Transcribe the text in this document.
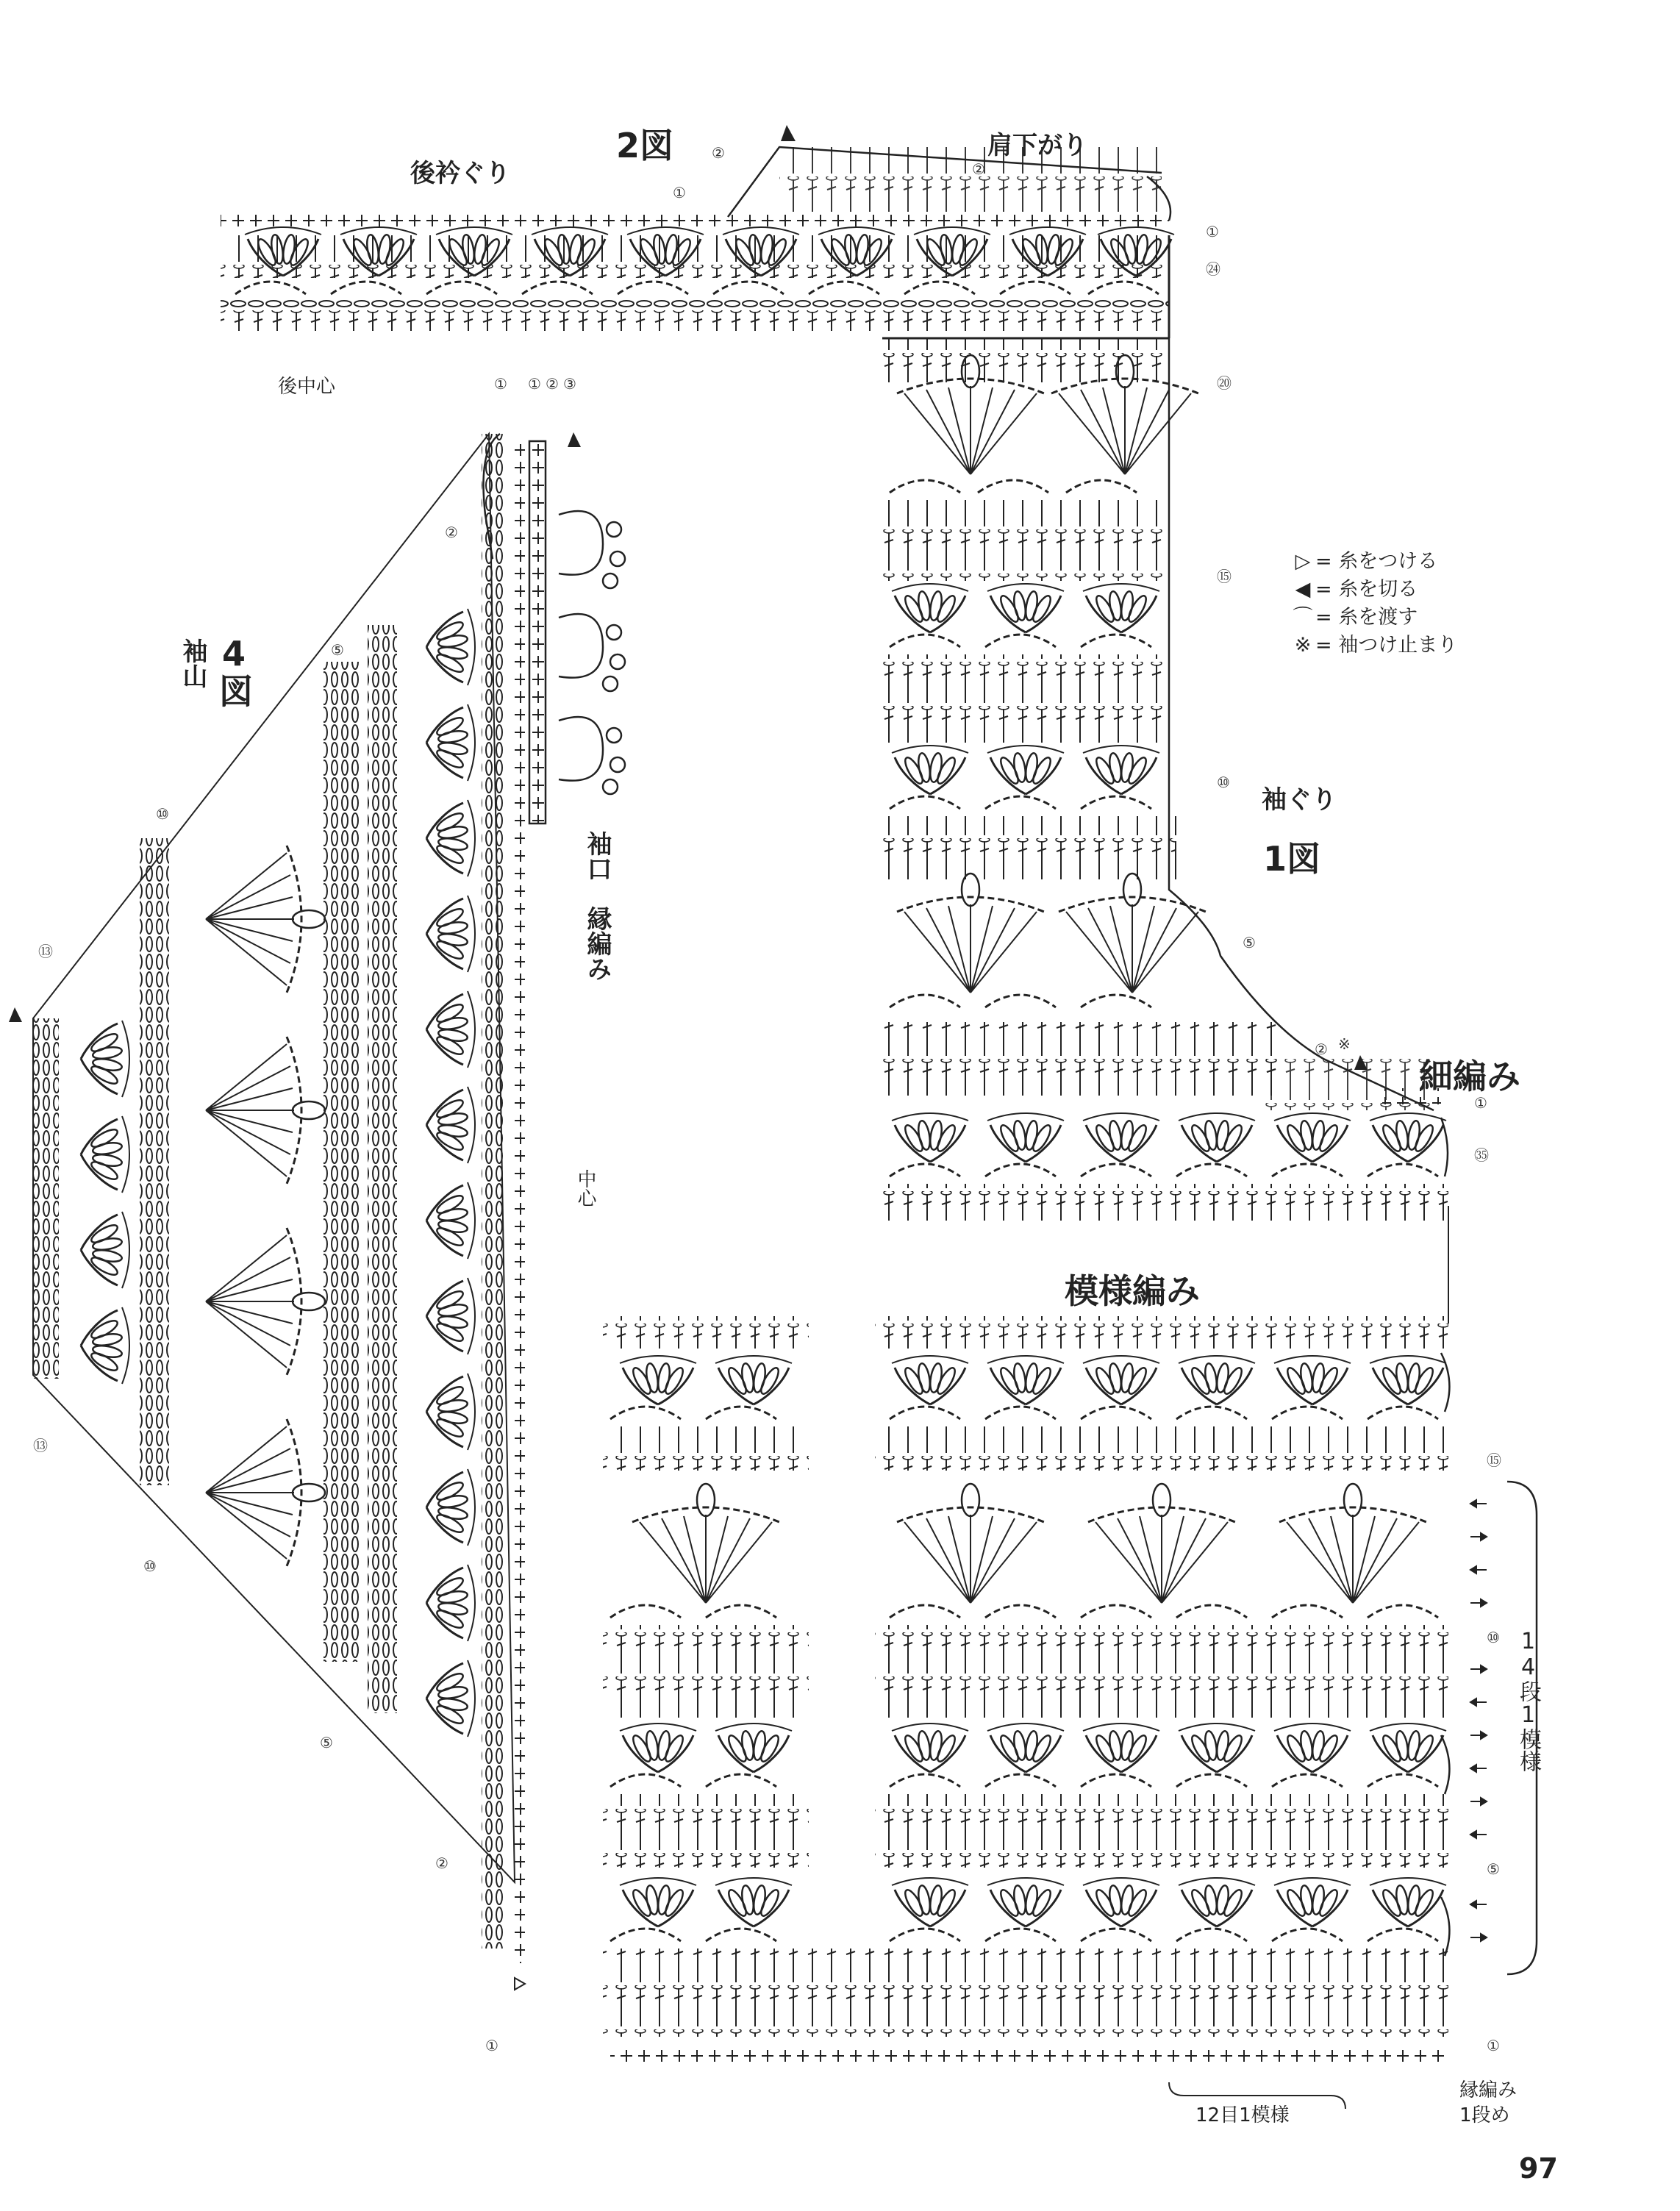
2図
後衿ぐり
肩下がり
後中心
袖山 4図
袖口　縁編み
中心
袖ぐり
1図
細編み
模様編み
14段1模様
12目1模様
縁編み
1段め
97
▷ = 糸をつける
◀ = 糸を切る
⌒ = 糸を渡す
※ = 袖つけ止まり
①
㉔
②
①
②
① ① ② ③
②
⑤
⑩
⑬
⑬
⑩
⑤
②
①
⑳
⑮
⑩
⑤
②
①
㉟
※
⑮
⑩
⑤
①
